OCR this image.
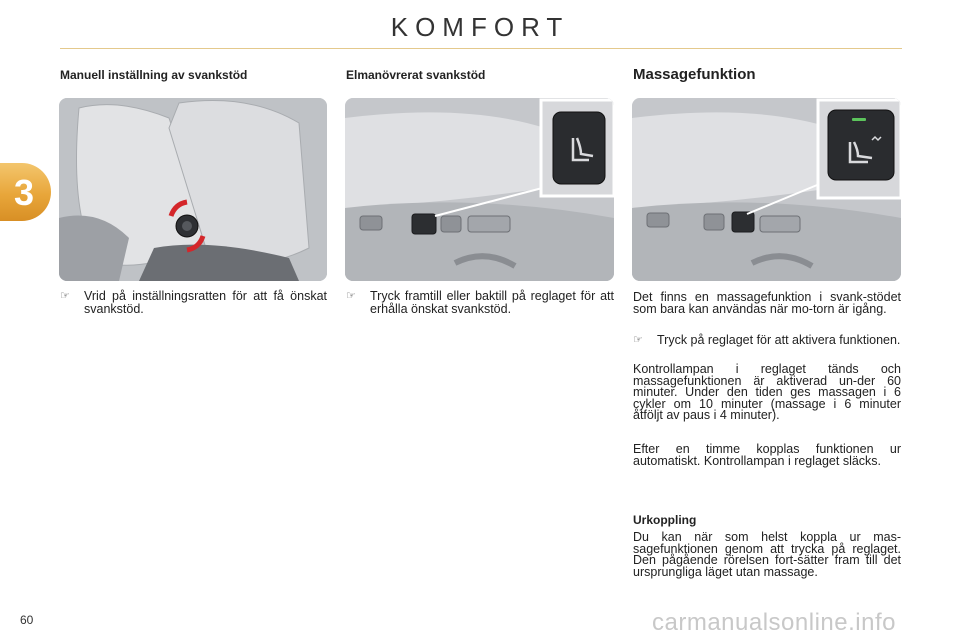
KOMFORT
3
Manuell inställning av svankstöd
☞ Vrid på inställningsratten för att få önskat svankstöd.
Elmanövrerat svankstöd
☞ Tryck framtill eller baktill på reglaget för att erhålla önskat svankstöd.
Massagefunktion
Det finns en massagefunktion i svank-stödet som bara kan användas när mo-torn är igång.
☞ Tryck på reglaget för att aktivera funktionen.
Kontrollampan i reglaget tänds och massagefunktionen är aktiverad un-der 60 minuter. Under den tiden ges massagen i 6 cykler om 10 minuter (massage i 6 minuter åtföljt av paus i 4 minuter).
Efter en timme kopplas funktionen ur automatiskt. Kontrollampan i reglaget släcks.
Urkoppling
Du kan när som helst koppla ur mas-sagefunktionen genom att trycka på reglaget. Den pågående rörelsen fort-sätter fram till det ursprungliga läget utan massage.
60	carmanualsonline.info
